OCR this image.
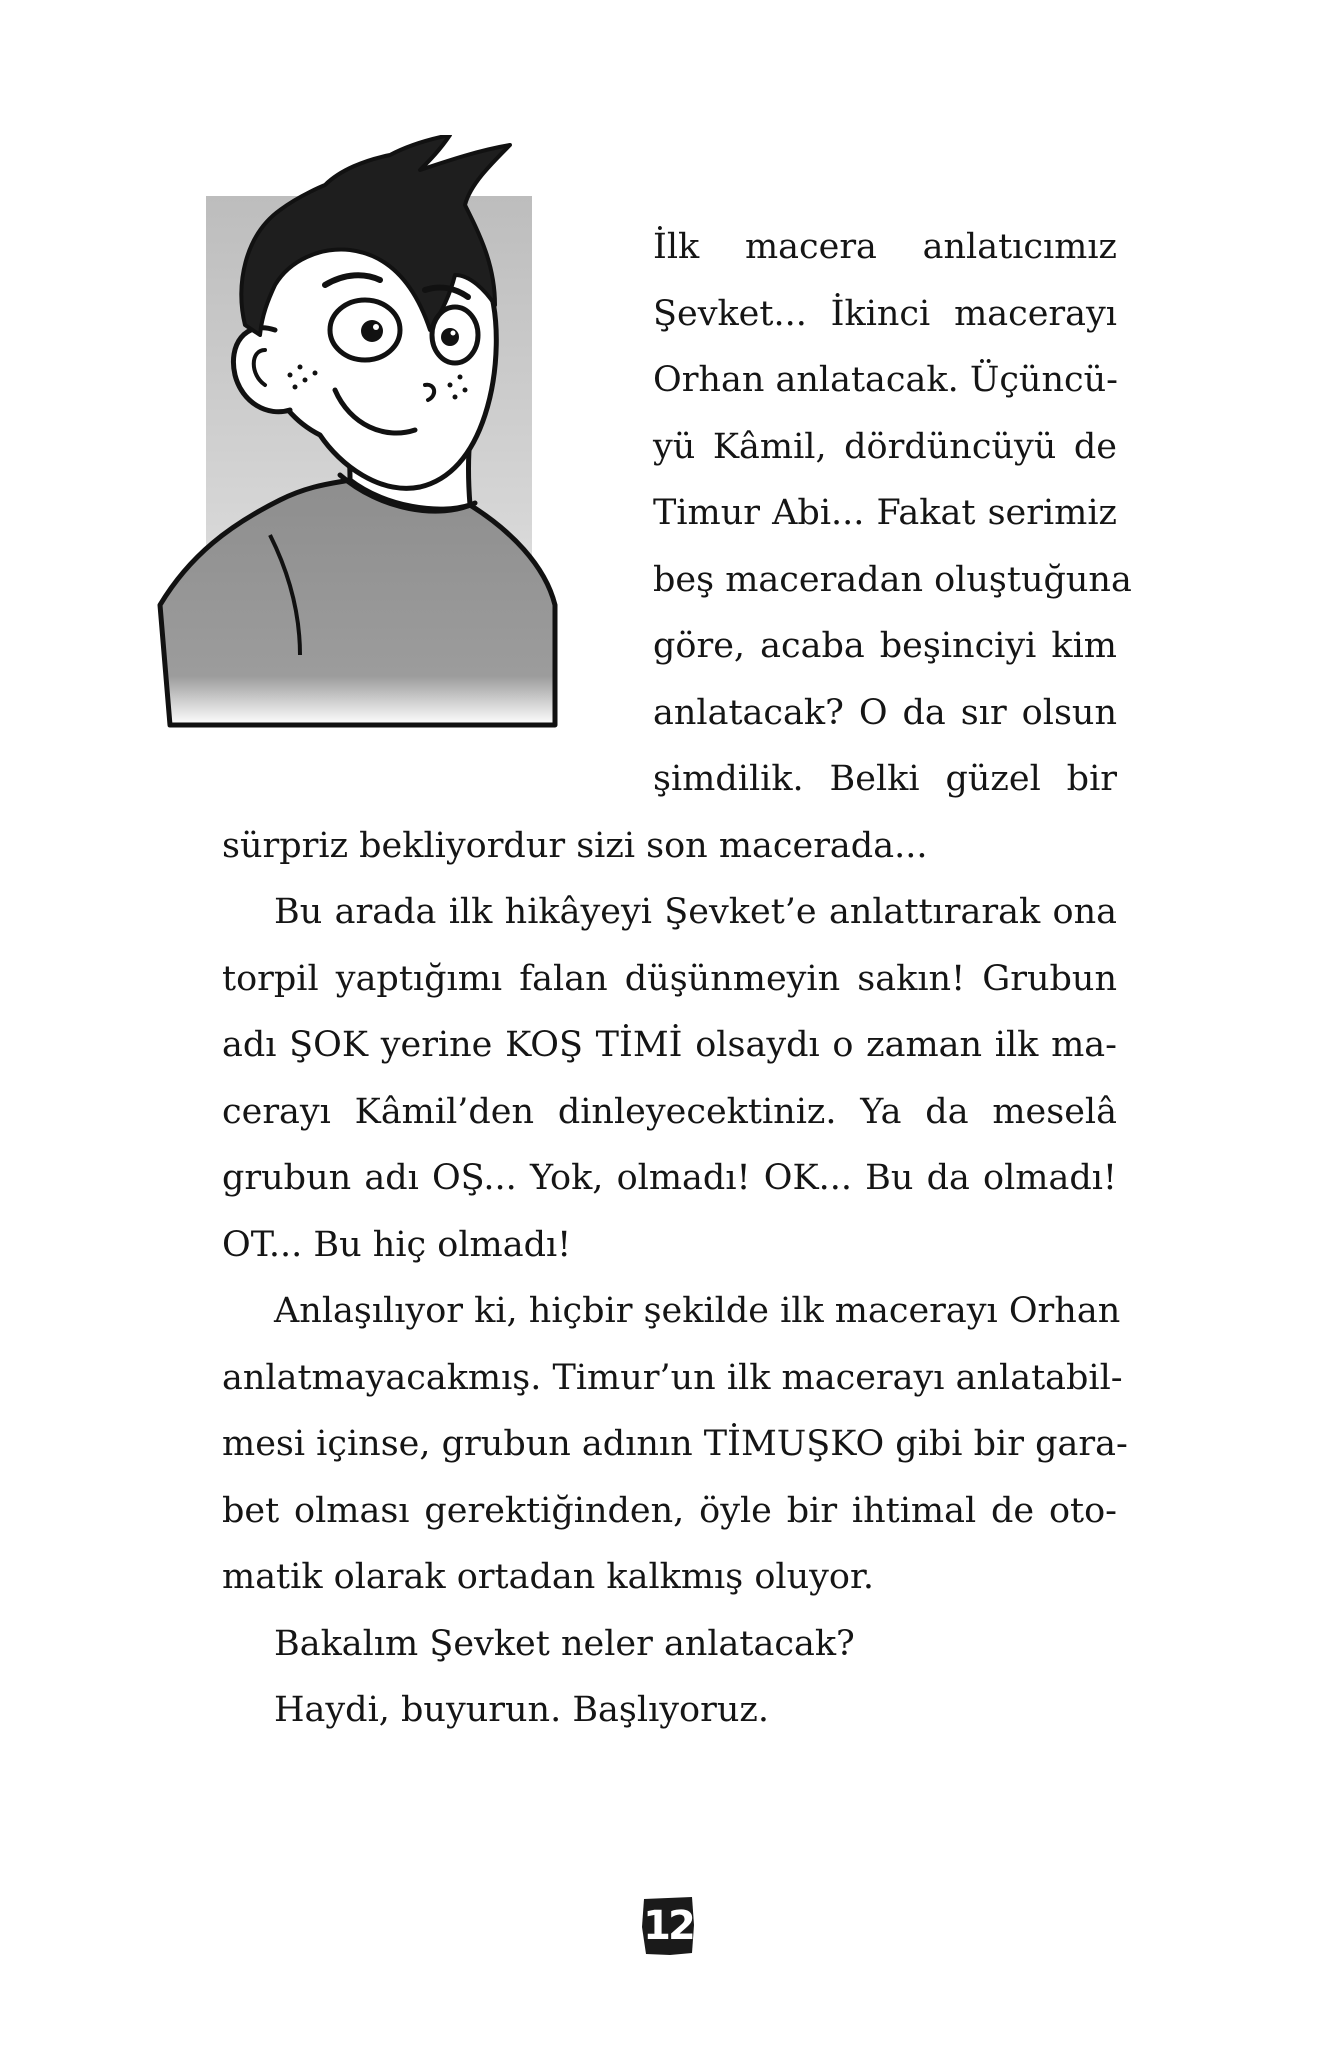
İlk macera anlatıcımız
Şevket... İkinci macerayı
Orhan anlatacak. Üçüncü-
yü Kâmil, dördüncüyü de
Timur Abi... Fakat serimiz
beş maceradan oluştuğuna
göre, acaba beşinciyi kim
anlatacak? O da sır olsun
şimdilik. Belki güzel bir
sürpriz bekliyordur sizi son macerada...
Bu arada ilk hikâyeyi Şevket’e anlattırarak ona
torpil yaptığımı falan düşünmeyin sakın! Grubun
adı ŞOK yerine KOŞ TİMİ olsaydı o zaman ilk ma-
cerayı Kâmil’den dinleyecektiniz. Ya da meselâ
grubun adı OŞ... Yok, olmadı! OK... Bu da olmadı!
OT... Bu hiç olmadı!
Anlaşılıyor ki, hiçbir şekilde ilk macerayı Orhan
anlatmayacakmış. Timur’un ilk macerayı anlatabil-
mesi içinse, grubun adının TİMUŞKO gibi bir gara-
bet olması gerektiğinden, öyle bir ihtimal de oto-
matik olarak ortadan kalkmış oluyor.
Bakalım Şevket neler anlatacak?
Haydi, buyurun. Başlıyoruz.
12
